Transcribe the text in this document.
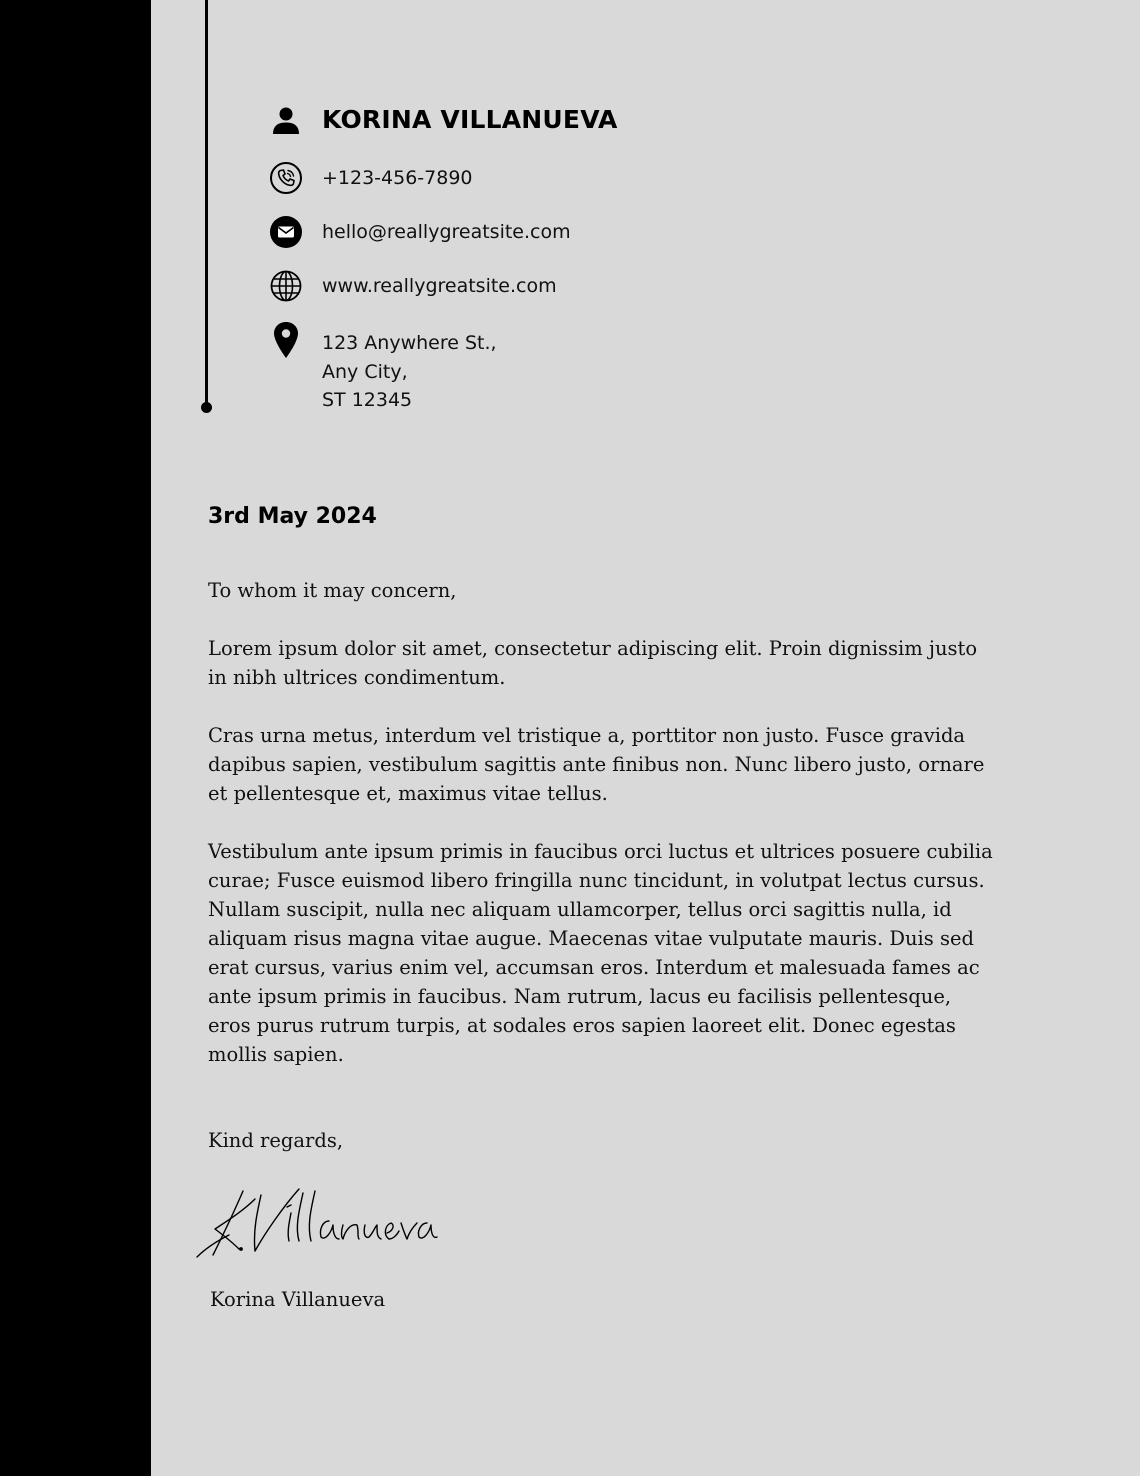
KORINA VILLANUEVA
+123-456-7890
hello@reallygreatsite.com
www.reallygreatsite.com
123 Anywhere St.,
Any City,
ST 12345
3rd May 2024

To whom it may concern,

Lorem ipsum dolor sit amet, consectetur adipiscing elit. Proin dignissim justo in nibh ultrices condimentum.

Cras urna metus, interdum vel tristique a, porttitor non justo. Fusce gravida dapibus sapien, vestibulum sagittis ante finibus non. Nunc libero justo, ornare et pellentesque et, maximus vitae tellus.

Vestibulum ante ipsum primis in faucibus orci luctus et ultrices posuere cubilia curae; Fusce euismod libero fringilla nunc tincidunt, in volutpat lectus cursus. Nullam suscipit, nulla nec aliquam ullamcorper, tellus orci sagittis nulla, id aliquam risus magna vitae augue. Maecenas vitae vulputate mauris. Duis sed erat cursus, varius enim vel, accumsan eros. Interdum et malesuada fames ac ante ipsum primis in faucibus. Nam rutrum, lacus eu facilisis pellentesque, eros purus rutrum turpis, at sodales eros sapien laoreet elit. Donec egestas mollis sapien.

Kind regards,

Korina Villanueva
